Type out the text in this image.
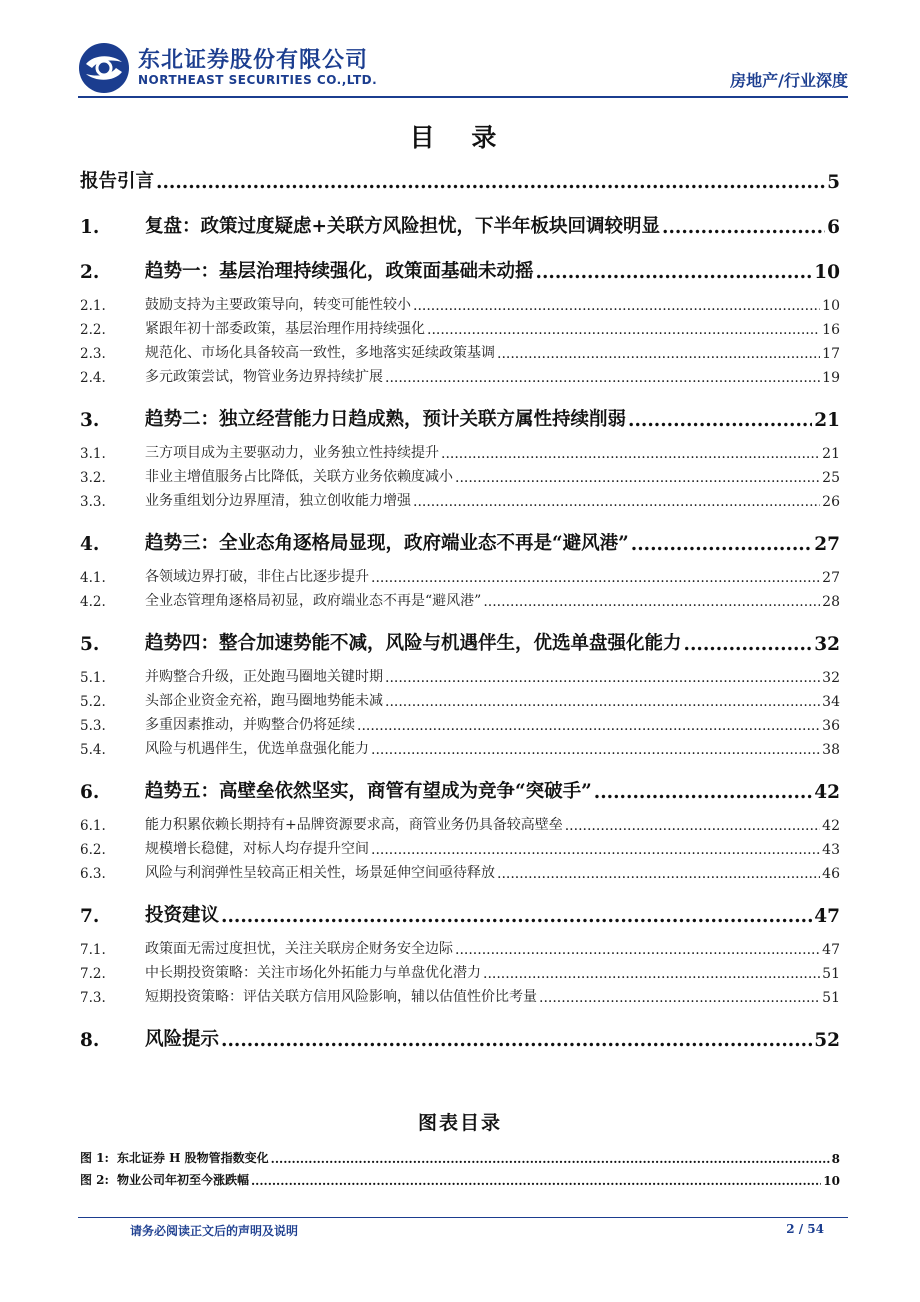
东北证券股份有限公司
NORTHEAST SECURITIES CO.,LTD.	房地产/行业深度
目 录
报告引言 .....	5
1.	复盘：政策过度疑虑+关联方风险担忧，下半年板块回调较明显 .....	6
2.	趋势一：基层治理持续强化，政策面基础未动摇 .....	10
2.1.	鼓励支持为主要政策导向，转变可能性较小 .....	10
2.2.	紧跟年初十部委政策，基层治理作用持续强化 .....	16
2.3.	规范化、市场化具备较高一致性，多地落实延续政策基调 .....	17
2.4.	多元政策尝试，物管业务边界持续扩展 .....	19
3.	趋势二：独立经营能力日趋成熟，预计关联方属性持续削弱 .....	21
3.1.	三方项目成为主要驱动力，业务独立性持续提升 .....	21
3.2.	非业主增值服务占比降低，关联方业务依赖度减小 .....	25
3.3.	业务重组划分边界厘清，独立创收能力增强 .....	26
4.	趋势三：全业态角逐格局显现，政府端业态不再是“避风港” .....	27
4.1.	各领域边界打破，非住占比逐步提升 .....	27
4.2.	全业态管理角逐格局初显，政府端业态不再是“避风港” .....	28
5.	趋势四：整合加速势能不减，风险与机遇伴生，优选单盘强化能力 .....	32
5.1.	并购整合升级，正处跑马圈地关键时期 .....	32
5.2.	头部企业资金充裕，跑马圈地势能未减 .....	34
5.3.	多重因素推动，并购整合仍将延续 .....	36
5.4.	风险与机遇伴生，优选单盘强化能力 .....	38
6.	趋势五：高壁垒依然坚实，商管有望成为竞争“突破手” .....	42
6.1.	能力积累依赖长期持有+品牌资源要求高，商管业务仍具备较高壁垒 .....	42
6.2.	规模增长稳健，对标人均存提升空间 .....	43
6.3.	风险与利润弹性呈较高正相关性，场景延伸空间亟待释放 .....	46
7.	投资建议 .....	47
7.1.	政策面无需过度担忧，关注关联房企财务安全边际 .....	47
7.2.	中长期投资策略：关注市场化外拓能力与单盘优化潜力 .....	51
7.3.	短期投资策略：评估关联方信用风险影响，辅以估值性价比考量 .....	51
8.	风险提示 .....	52
图表目录
图 1: 东北证券 H 股物管指数变化 .....	8
图 2: 物业公司年初至今涨跌幅 .....	10
请务必阅读正文后的声明及说明	2 / 54
